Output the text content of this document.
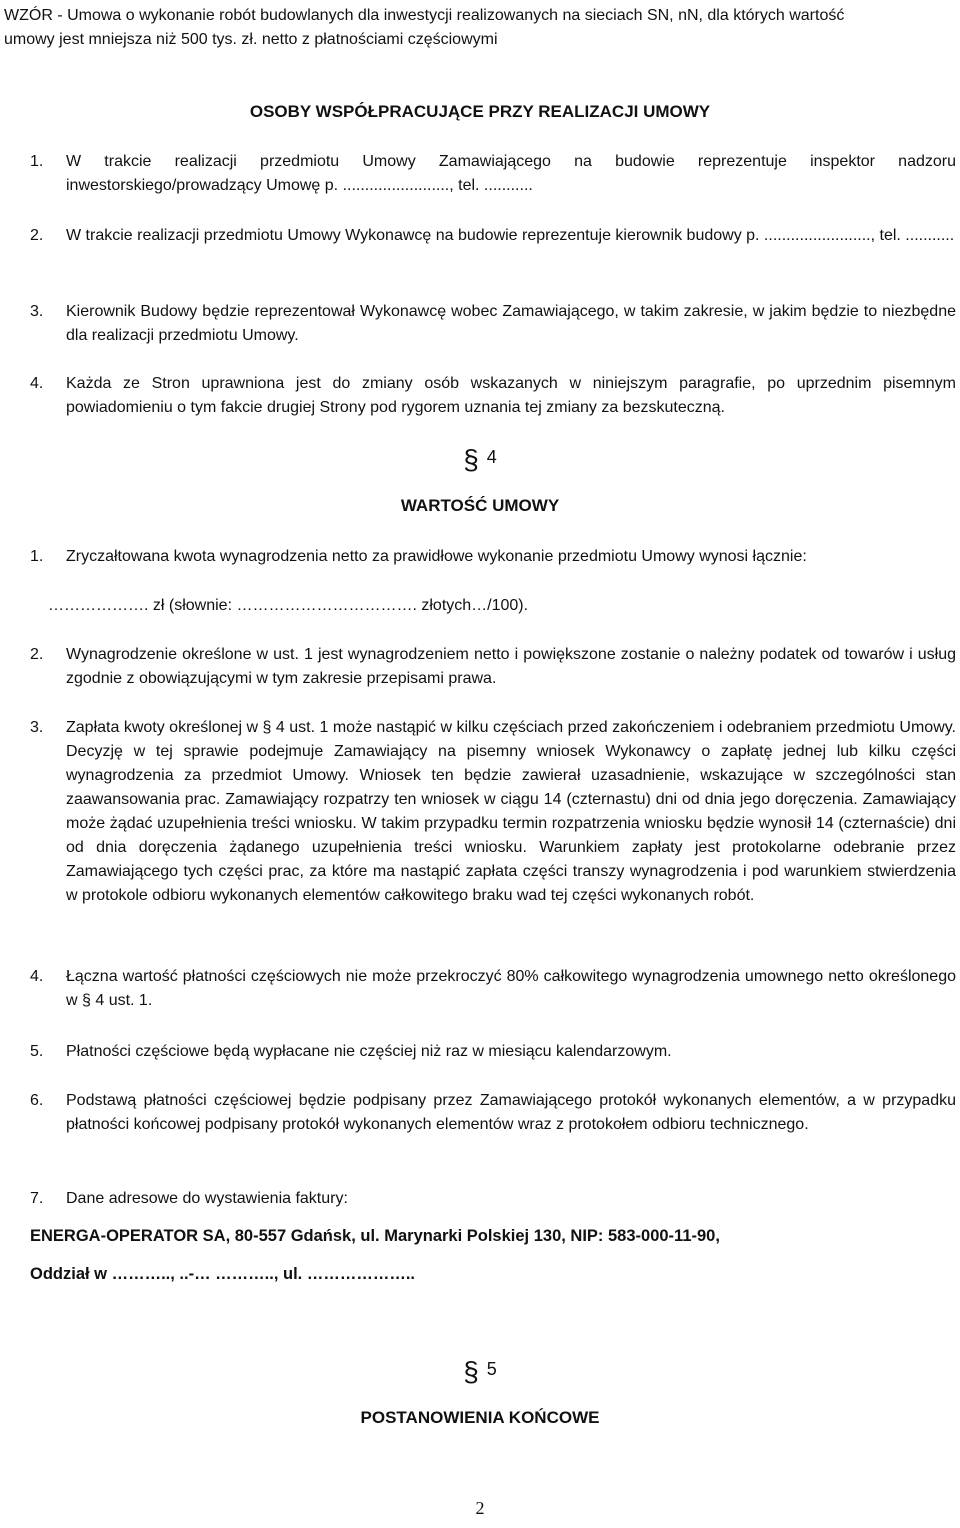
WZÓR - Umowa o wykonanie robót budowlanych dla inwestycji realizowanych na sieciach SN, nN, dla których wartość
umowy jest mniejsza niż 500 tys. zł. netto z płatnościami częściowymi
OSOBY WSPÓŁPRACUJĄCE PRZY REALIZACJI UMOWY
1.	W trakcie realizacji przedmiotu Umowy Zamawiającego na budowie reprezentuje inspektor nadzoru inwestorskiego/prowadzący Umowę p. ........................, tel. ...........
2.	W trakcie realizacji przedmiotu Umowy Wykonawcę na budowie reprezentuje kierownik budowy p. ........................, tel. ...........
3.	Kierownik Budowy będzie reprezentował Wykonawcę wobec Zamawiającego, w takim zakresie, w jakim będzie to niezbędne dla realizacji przedmiotu Umowy.
4.	Każda ze Stron uprawniona jest do zmiany osób wskazanych w niniejszym paragrafie, po uprzednim pisemnym powiadomieniu o tym fakcie drugiej Strony pod rygorem uznania tej zmiany za bezskuteczną.
§ 4
WARTOŚĆ UMOWY
1.	Zryczałtowana kwota wynagrodzenia netto za prawidłowe wykonanie przedmiotu Umowy wynosi łącznie:
………………. zł (słownie: ……………………………. złotych…/100).
2.	Wynagrodzenie określone w ust. 1 jest wynagrodzeniem netto i powiększone zostanie o należny podatek od towarów i usług zgodnie z obowiązującymi w tym zakresie przepisami prawa.
3.	Zapłata kwoty określonej w § 4 ust. 1 może nastąpić w kilku częściach przed zakończeniem i odebraniem przedmiotu Umowy. Decyzję w tej sprawie podejmuje Zamawiający na pisemny wniosek Wykonawcy o zapłatę jednej lub kilku części wynagrodzenia za przedmiot Umowy. Wniosek ten będzie zawierał uzasadnienie, wskazujące w szczególności stan zaawansowania prac. Zamawiający rozpatrzy ten wniosek w ciągu 14 (czternastu) dni od dnia jego doręczenia. Zamawiający może żądać uzupełnienia treści wniosku. W takim przypadku termin rozpatrzenia wniosku będzie wynosił 14 (czternaście) dni od dnia doręczenia żądanego uzupełnienia treści wniosku. Warunkiem zapłaty jest protokolarne odebranie przez Zamawiającego tych części prac, za które ma nastąpić zapłata części transzy wynagrodzenia i pod warunkiem stwierdzenia w protokole odbioru wykonanych elementów całkowitego braku wad tej części wykonanych robót.
4.	Łączna wartość płatności częściowych nie może przekroczyć 80% całkowitego wynagrodzenia umownego netto określonego w § 4 ust. 1.
5.	Płatności częściowe będą wypłacane nie częściej niż raz w miesiącu kalendarzowym.
6.	Podstawą płatności częściowej będzie podpisany przez Zamawiającego protokół wykonanych elementów, a w przypadku płatności końcowej podpisany protokół wykonanych elementów wraz z protokołem odbioru technicznego.
7.	Dane adresowe do wystawienia faktury:
ENERGA-OPERATOR SA, 80-557 Gdańsk, ul. Marynarki Polskiej 130, NIP: 583-000-11-90,
Oddział w ……….., ..-… ……….., ul. ………………..
§ 5
POSTANOWIENIA KOŃCOWE
2
